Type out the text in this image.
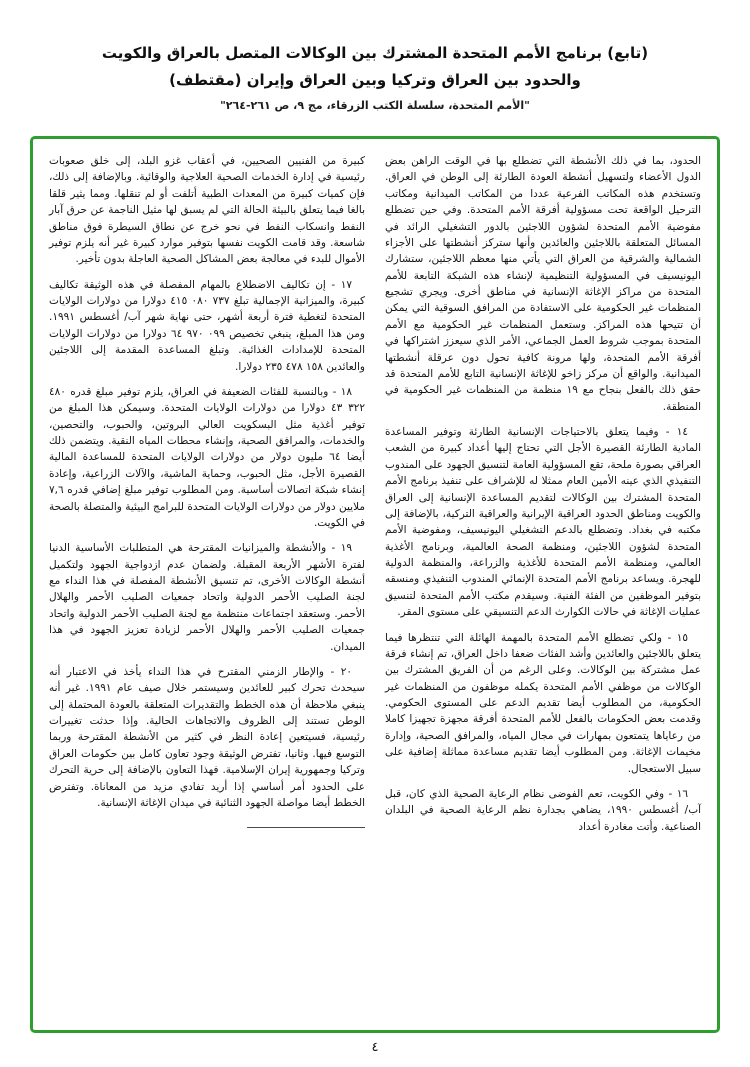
(تابع) برنامج الأمم المتحدة المشترك بين الوكالات المتصل بالعراق والكويت
والحدود بين العراق وتركيا وبين العراق وإيران (مقتطف)
"الأمم المتحدة، سلسلة الكتب الزرقاء، مج ٩، ص ٢٦١-٢٦٤"

الحدود، بما في ذلك الأنشطة التي تضطلع بها في الوقت الراهن بعض الدول الأعضاء ولتسهيل أنشطة العودة الطارئة إلى الوطن في العراق. وتستخدم هذه المكاتب الفرعية عددا من المكاتب الميدانية ومكاتب الترحيل الواقعة تحت مسؤولية أفرقة الأمم المتحدة. وفي حين تضطلع مفوضية الأمم المتحدة لشؤون اللاجئين بالدور التشغيلي الرائد في المسائل المتعلقة باللاجئين والعائدين وأنها ستركز أنشطتها على الأجزاء الشمالية والشرقية من العراق التي يأتي منها معظم اللاجئين، ستشارك اليونيسيف في المسؤولية التنظيمية لإنشاء هذه الشبكة التابعة للأمم المتحدة من مراكز الإغاثة الإنسانية في مناطق أخرى. ويجري تشجيع المنظمات غير الحكومية على الاستفادة من المرافق السوقية التي يمكن أن تتيحها هذه المراكز. وستعمل المنظمات غير الحكومية مع الأمم المتحدة بموجب شروط العمل الجماعي، الأمر الذي سيعزز اشتراكها في أفرقة الأمم المتحدة، ولها مرونة كافية تحول دون عرقلة أنشطتها الميدانية. والواقع أن مركز زاخو للإغاثة الإنسانية التابع للأمم المتحدة قد حقق ذلك بالفعل بنجاح مع ١٩ منظمة من المنظمات غير الحكومية في المنطقة.

١٤ - وفيما يتعلق بالاحتياجات الإنسانية الطارئة وتوفير المساعدة المادية الطارئة القصيرة الأجل التي تحتاج إليها أعداد كبيرة من الشعب العراقي بصورة ملحة، تقع المسؤولية العامة لتنسيق الجهود على المندوب التنفيذي الذي عينه الأمين العام ممثلا له للإشراف على تنفيذ برنامج الأمم المتحدة المشترك بين الوكالات لتقديم المساعدة الإنسانية إلى العراق والكويت ومناطق الحدود العراقية الإيرانية والعراقية التركية، بالإضافة إلى مكتبه في بغداد. وتضطلع بالدعم التشغيلي اليونيسيف، ومفوضية الأمم المتحدة لشؤون اللاجئين، ومنظمة الصحة العالمية، وبرنامج الأغذية العالمي، ومنظمة الأمم المتحدة للأغذية والزراعة، والمنظمة الدولية للهجرة. ويساعد برنامج الأمم المتحدة الإنمائي المندوب التنفيذي ومنسقه بتوفير الموظفين من الفئة الفنية. وسيقدم مكتب الأمم المتحدة لتنسيق عمليات الإغاثة في حالات الكوارث الدعم التنسيقي على مستوى المقر.

١٥ - ولكي تضطلع الأمم المتحدة بالمهمة الهائلة التي تنتظرها فيما يتعلق باللاجئين والعائدين وأشد الفئات ضعفا داخل العراق، تم إنشاء فرقة عمل مشتركة بين الوكالات. وعلى الرغم من أن الفريق المشترك بين الوكالات من موظفي الأمم المتحدة يكمله موظفون من المنظمات غير الحكومية، من المطلوب أيضا تقديم الدعم على المستوى الحكومي. وقدمت بعض الحكومات بالفعل للأمم المتحدة أفرقة مجهزة تجهيزا كاملا من رعاياها يتمتعون بمهارات في مجال المياه، والمرافق الصحية، وإدارة مخيمات الإغاثة. ومن المطلوب أيضا تقديم مساعدة مماثلة إضافية على سبيل الاستعجال.

١٦ - وفي الكويت، تعم الفوضى نظام الرعاية الصحية الذي كان، قبل آب/ أغسطس ١٩٩٠، يضاهي بجدارة نظم الرعاية الصحية في البلدان الصناعية. وأتت مغادرة أعداد

كبيرة من الفنيين الصحيين، في أعقاب غزو البلد، إلى خلق صعوبات رئيسية في إدارة الخدمات الصحية العلاجية والوقائية. وبالإضافة إلى ذلك، فإن كميات كبيرة من المعدات الطبية أتلفت أو لم تنقلها. ومما يثير قلقا بالغا فيما يتعلق بالبيئة الحالة التي لم يسبق لها مثيل الناجمة عن حرق آبار النفط وانسكاب النفط في نحو خرج عن نطاق السيطرة فوق مناطق شاسعة. وقد قامت الكويت نفسها بتوفير موارد كبيرة غير أنه يلزم توفير الأموال للبدء في معالجة بعض المشاكل الصحية العاجلة بدون تأخير.

١٧ - إن تكاليف الاضطلاع بالمهام المفصلة في هذه الوثيقة تكاليف كبيرة، والميزانية الإجمالية تبلغ ٧٣٧ ٠٨٠ ٤١٥ دولارا من دولارات الولايات المتحدة لتغطية فترة أربعة أشهر، حتى نهاية شهر آب/ أغسطس ١٩٩١. ومن هذا المبلغ، ينبغي تخصيص ٠٩٩ ٩٧٠ ٦٤ دولارا من دولارات الولايات المتحدة للإمدادات الغذائية. وتبلغ المساعدة المقدمة إلى اللاجئين والعائدين ١٥٨ ٤٧٨ ٢٣٥ دولارا.

١٨ - وبالنسبة للفئات الضعيفة في العراق، يلزم توفير مبلغ قدره ٤٨٠ ٣٢٢ ٤٣ دولارا من دولارات الولايات المتحدة. وسيمكن هذا المبلغ من توفير أغذية مثل البسكويت العالي البروتين، والحبوب، والتحصين، والخدمات، والمرافق الصحية، وإنشاء محطات المياه النقية. ويتضمن ذلك أيضا ٦٤ مليون دولار من دولارات الولايات المتحدة للمساعدة المالية القصيرة الأجل، مثل الحبوب، وحماية الماشية، والآلات الزراعية، وإعادة إنشاء شبكة اتصالات أساسية. ومن المطلوب توفير مبلغ إضافي قدره ٧,٦ ملايين دولار من دولارات الولايات المتحدة للبرامج البيئية والمتصلة بالصحة في الكويت.

١٩ - والأنشطة والميزانيات المقترحة هي المتطلبات الأساسية الدنيا لفترة الأشهر الأربعة المقبلة. ولضمان عدم ازدواجية الجهود ولتكميل أنشطة الوكالات الأخرى، تم تنسيق الأنشطة المفصلة في هذا النداء مع لجنة الصليب الأحمر الدولية واتحاد جمعيات الصليب الأحمر والهلال الأحمر. وستعقد اجتماعات منتظمة مع لجنة الصليب الأحمر الدولية واتحاد جمعيات الصليب الأحمر والهلال الأحمر لزيادة تعزيز الجهود في هذا الميدان.

٢٠ - والإطار الزمني المقترح في هذا النداء يأخذ في الاعتبار أنه سيحدث تحرك كبير للعائدين وسيستمر خلال صيف عام ١٩٩١. غير أنه ينبغي ملاحظة أن هذه الخطط والتقديرات المتعلقة بالعودة المحتملة إلى الوطن تستند إلى الظروف والاتجاهات الحالية. وإذا حدثت تغييرات رئيسية، فسيتعين إعادة النظر في كثير من الأنشطة المقترحة وربما التوسع فيها. وثانيا، تفترض الوثيقة وجود تعاون كامل بين حكومات العراق وتركيا وجمهورية إيران الإسلامية. فهذا التعاون بالإضافة إلى حرية التحرك على الحدود أمر أساسي إذا أريد تفادي مزيد من المعاناة. وتفترض الخطط أيضا مواصلة الجهود الثنائية في ميدان الإغاثة الإنسانية.

٤
